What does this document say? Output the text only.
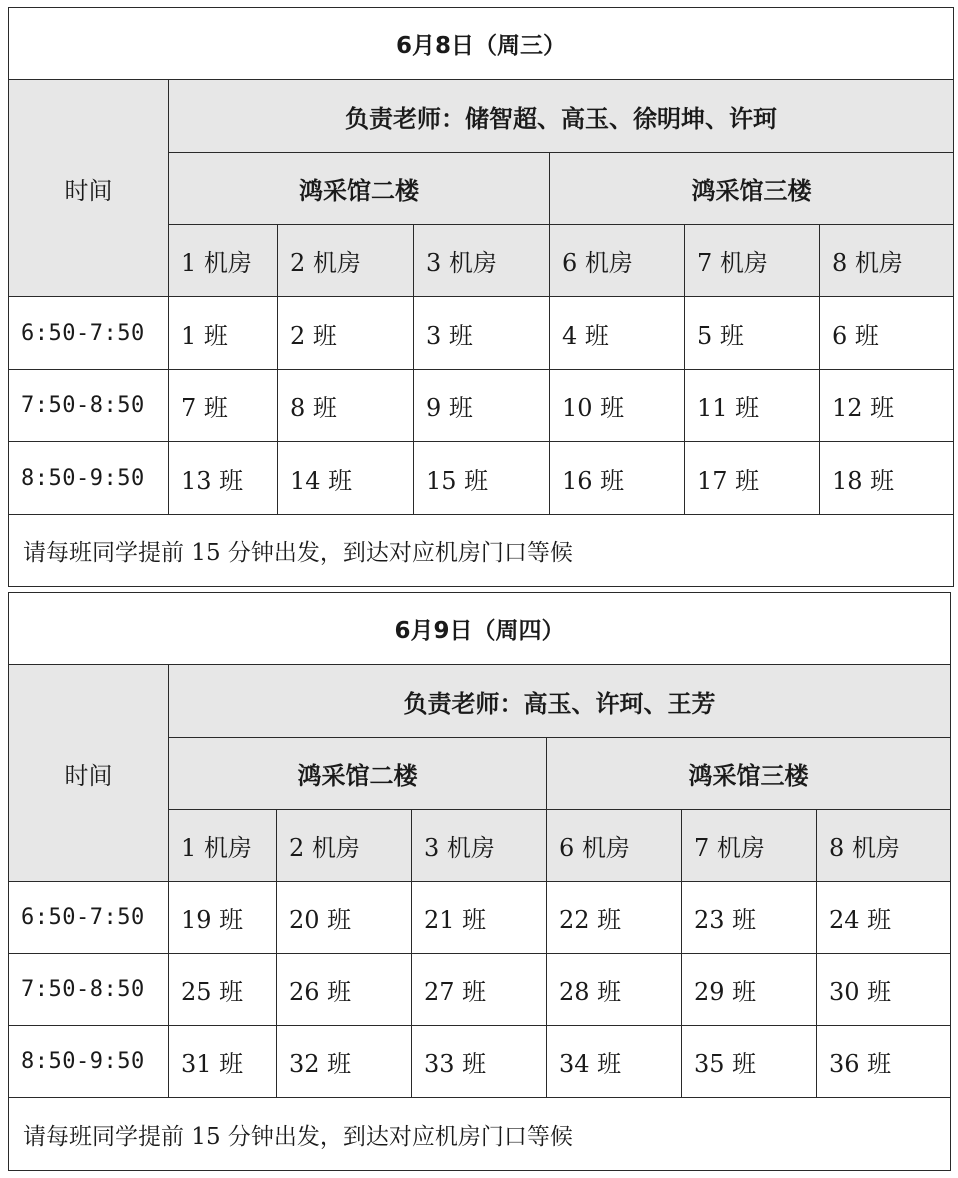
6月8日（周三）						
时间	负责老师：储智超、高玉、徐明坤、许珂					
	鸿采馆二楼			鸿采馆三楼		
	1 机房	2 机房	3 机房	6 机房	7 机房	8 机房
6:50-7:50	1 班	2 班	3 班	4 班	5 班	6 班
7:50-8:50	7 班	8 班	9 班	10 班	11 班	12 班
8:50-9:50	13 班	14 班	15 班	16 班	17 班	18 班
请每班同学提前 15 分钟出发，到达对应机房门口等候						
6月9日（周四）						
时间	负责老师：高玉、许珂、王芳					
	鸿采馆二楼			鸿采馆三楼		
	1 机房	2 机房	3 机房	6 机房	7 机房	8 机房
6:50-7:50	19 班	20 班	21 班	22 班	23 班	24 班
7:50-8:50	25 班	26 班	27 班	28 班	29 班	30 班
8:50-9:50	31 班	32 班	33 班	34 班	35 班	36 班
请每班同学提前 15 分钟出发，到达对应机房门口等候						
